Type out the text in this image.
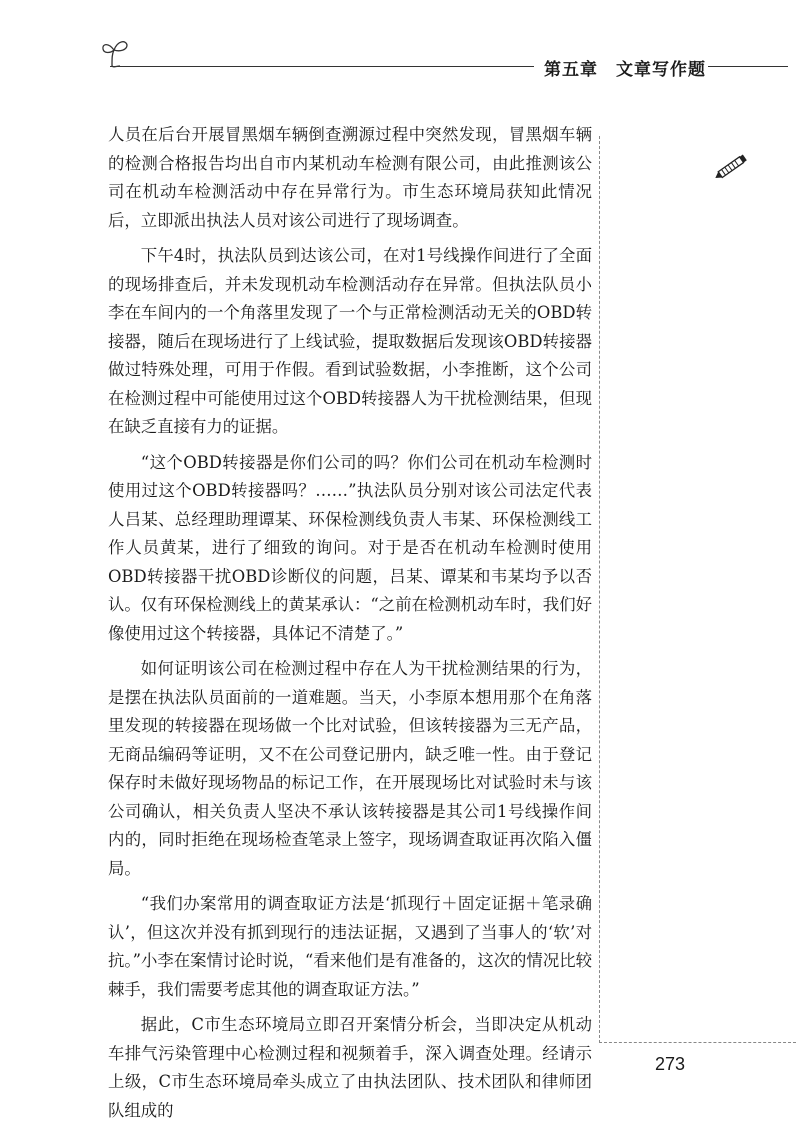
第五章　文章写作题

人员在后台开展冒黑烟车辆倒查溯源过程中突然发现，冒黑烟车辆的检测合格报告均出自市内某机动车检测有限公司，由此推测该公司在机动车检测活动中存在异常行为。市生态环境局获知此情况后，立即派出执法人员对该公司进行了现场调查。

下午4时，执法队员到达该公司，在对1号线操作间进行了全面的现场排查后，并未发现机动车检测活动存在异常。但执法队员小李在车间内的一个角落里发现了一个与正常检测活动无关的OBD转接器，随后在现场进行了上线试验，提取数据后发现该OBD转接器做过特殊处理，可用于作假。看到试验数据，小李推断，这个公司在检测过程中可能使用过这个OBD转接器人为干扰检测结果，但现在缺乏直接有力的证据。

“这个OBD转接器是你们公司的吗？你们公司在机动车检测时使用过这个OBD转接器吗？……”执法队员分别对该公司法定代表人吕某、总经理助理谭某、环保检测线负责人韦某、环保检测线工作人员黄某，进行了细致的询问。对于是否在机动车检测时使用OBD转接器干扰OBD诊断仪的问题，吕某、谭某和韦某均予以否认。仅有环保检测线上的黄某承认：“之前在检测机动车时，我们好像使用过这个转接器，具体记不清楚了。”

如何证明该公司在检测过程中存在人为干扰检测结果的行为，是摆在执法队员面前的一道难题。当天，小李原本想用那个在角落里发现的转接器在现场做一个比对试验，但该转接器为三无产品，无商品编码等证明，又不在公司登记册内，缺乏唯一性。由于登记保存时未做好现场物品的标记工作，在开展现场比对试验时未与该公司确认，相关负责人坚决不承认该转接器是其公司1号线操作间内的，同时拒绝在现场检查笔录上签字，现场调查取证再次陷入僵局。

“我们办案常用的调查取证方法是‘抓现行＋固定证据＋笔录确认’，但这次并没有抓到现行的违法证据，又遇到了当事人的‘软’对抗。”小李在案情讨论时说，“看来他们是有准备的，这次的情况比较棘手，我们需要考虑其他的调查取证方法。”

据此，C市生态环境局立即召开案情分析会，当即决定从机动车排气污染管理中心检测过程和视频着手，深入调查处理。经请示上级，C市生态环境局牵头成立了由执法团队、技术团队和律师团队组成的

273
